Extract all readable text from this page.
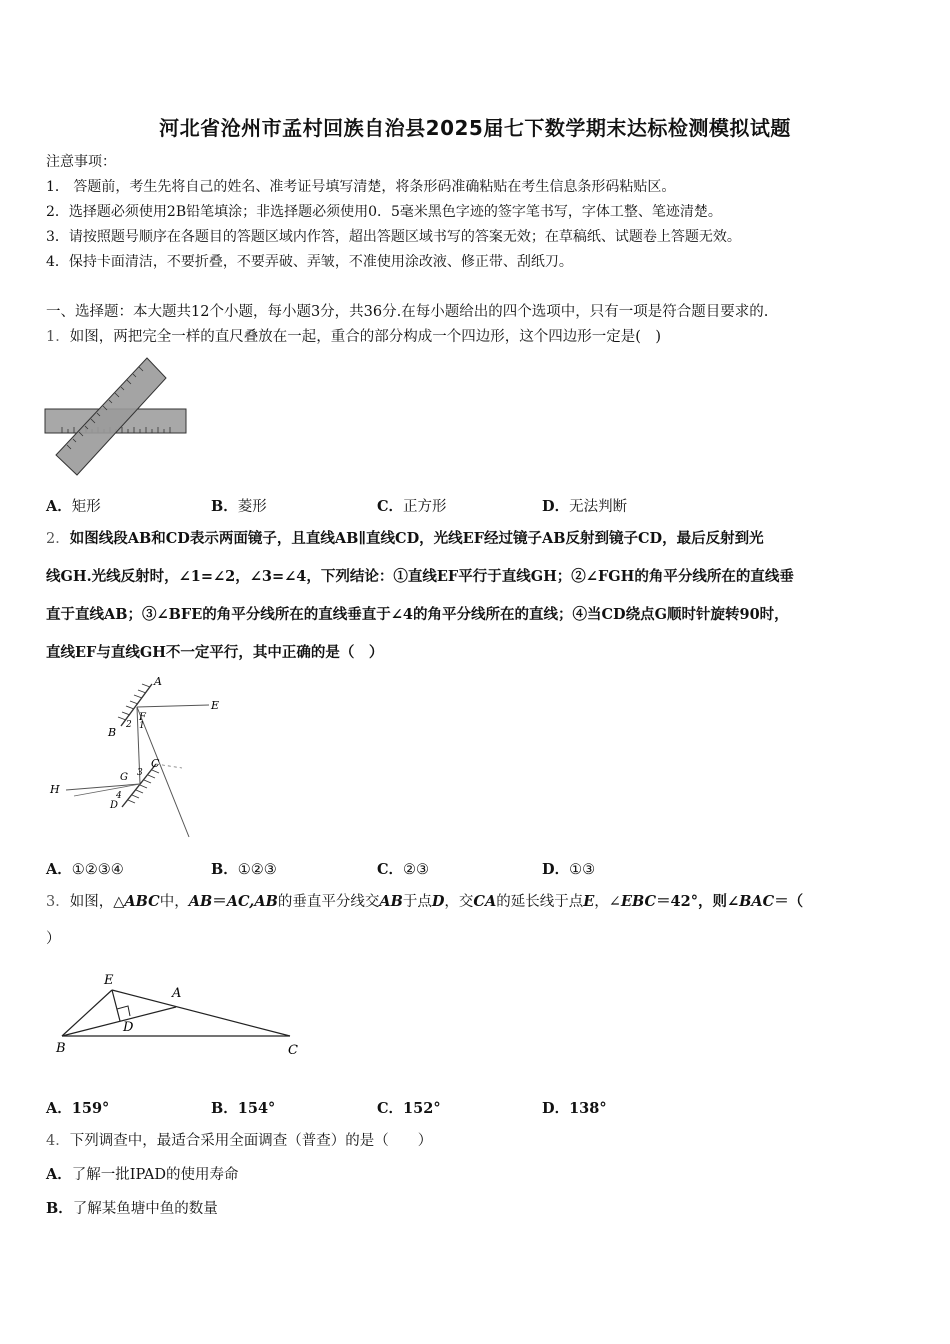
河北省沧州市孟村回族自治县2025届七下数学期末达标检测模拟试题
注意事项：
1． 答题前，考生先将自己的姓名、准考证号填写清楚，将条形码准确粘贴在考生信息条形码粘贴区。
2．选择题必须使用2B铅笔填涂；非选择题必须使用0．5毫米黑色字迹的签字笔书写，字体工整、笔迹清楚。
3．请按照题号顺序在各题目的答题区域内作答，超出答题区域书写的答案无效；在草稿纸、试题卷上答题无效。
4．保持卡面清洁，不要折叠，不要弄破、弄皱，不准使用涂改液、修正带、刮纸刀。
一、选择题：本大题共12个小题，每小题3分，共36分.在每小题给出的四个选项中，只有一项是符合题目要求的.
1．如图，两把完全一样的直尺叠放在一起，重合的部分构成一个四边形，这个四边形一定是(　)
A．矩形	B．菱形	C．正方形	D．无法判断
2．如图线段AB和CD表示两面镜子，且直线AB∥直线CD，光线EF经过镜子AB反射到镜子CD，最后反射到光
线GH.光线反射时，∠1=∠2，∠3=∠4，下列结论：①直线EF平行于直线GH；②∠FGH的角平分线所在的直线垂
直于直线AB；③∠BFE的角平分线所在的直线垂直于∠4的角平分线所在的直线；④当CD绕点G顺时针旋转90时，
直线EF与直线GH不一定平行，其中正确的是（　）
A
E
B
F
2 1
C
G 3
4
H
D
A．①②③④	B．①②③	C．②③	D．①③
3．如图，△ABC中，AB＝AC,AB的垂直平分线交AB于点D，交CA的延长线于点E，∠EBC＝42°，则∠BAC＝（
）
E
A
D
B	C
A．159°	B．154°	C．152°	D．138°
4．下列调查中，最适合采用全面调查（普查）的是（　　）
A．了解一批IPAD的使用寿命
B．了解某鱼塘中鱼的数量
